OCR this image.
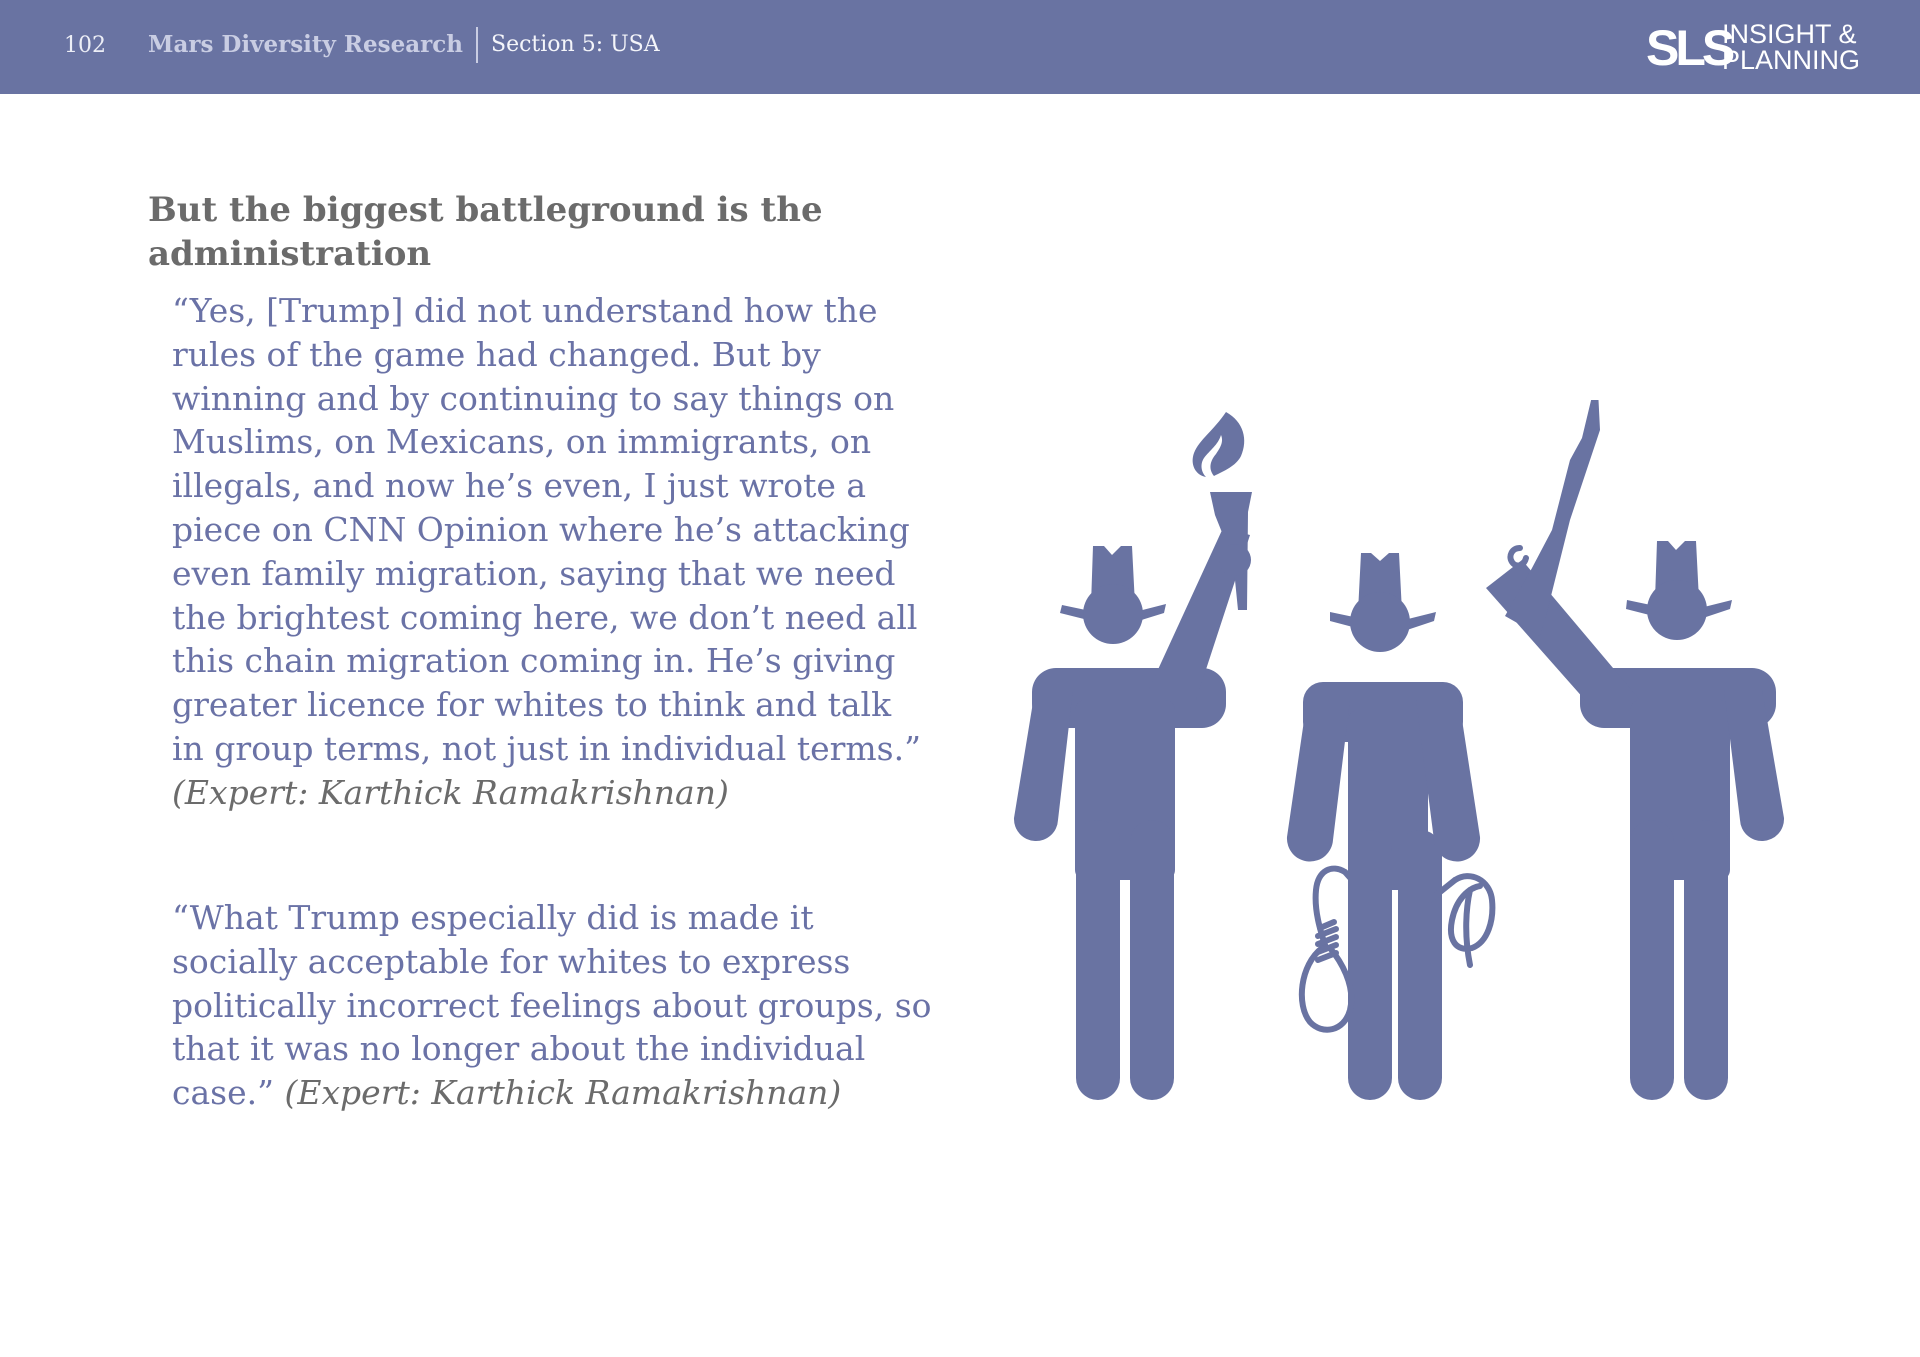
102 Mars Diversity Research Section 5: USA	SLS
INSIGHT &
PLANNING
But the biggest battleground is the administration

“Yes, [Trump] did not understand how the rules of the game had changed. But by winning and by continuing to say things on Muslims, on Mexicans, on immigrants, on illegals, and now he’s even, I just wrote a piece on CNN Opinion where he’s attacking even family migration, saying that we need the brightest coming here, we don’t need all this chain migration coming in. He’s giving greater licence for whites to think and talk in group terms, not just in individual terms.” (Expert: Karthick Ramakrishnan)

“What Trump especially did is made it socially acceptable for whites to express politically incorrect feelings about groups, so that it was no longer about the individual case.” (Expert: Karthick Ramakrishnan)
